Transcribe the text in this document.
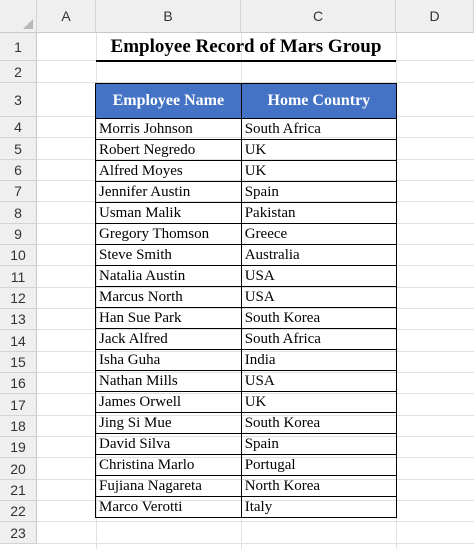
A	B	C	D
1
2
3
4
5
6
7
8
9
10
11
12
13
14
15
16
17
18
19
20
21
22
23
Employee Record of Mars Group
Employee Name	Home Country
Morris Johnson	South Africa
Robert Negredo	UK
Alfred Moyes	UK
Jennifer Austin	Spain
Usman Malik	Pakistan
Gregory Thomson	Greece
Steve Smith	Australia
Natalia Austin	USA
Marcus North	USA
Han Sue Park	South Korea
Jack Alfred	South Africa
Isha Guha	India
Nathan Mills	USA
James Orwell	UK
Jing Si Mue	South Korea
David Silva	Spain
Christina Marlo	Portugal
Fujiana Nagareta	North Korea
Marco Verotti	Italy
